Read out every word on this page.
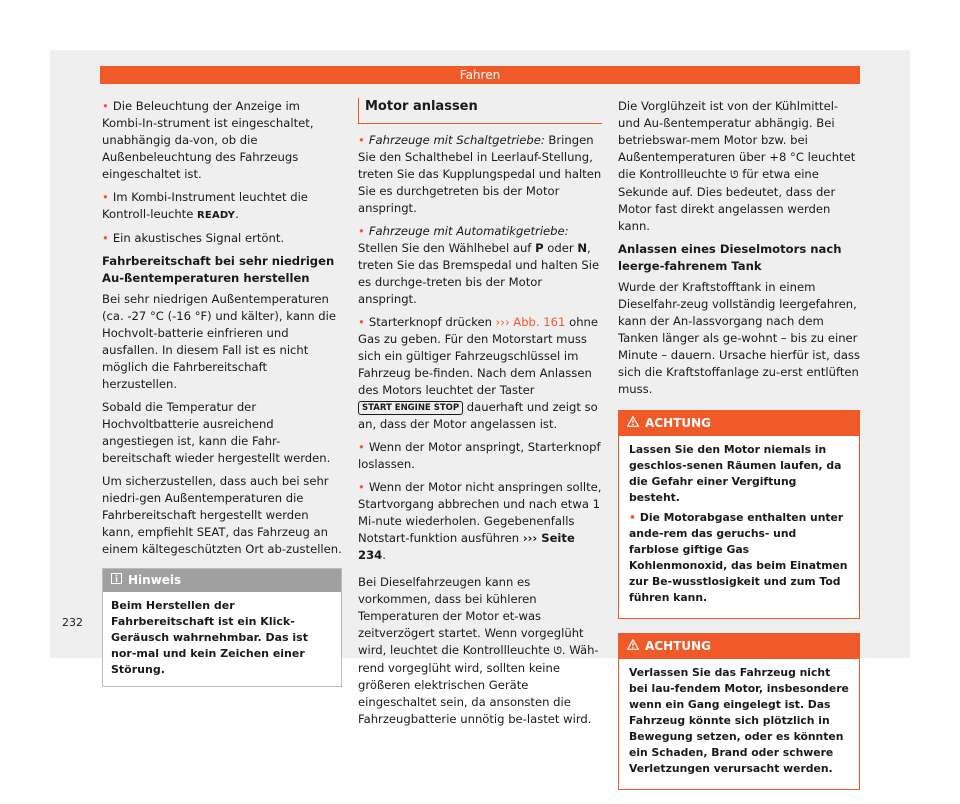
Fahren

• Die Beleuchtung der Anzeige im Kombi-In-strument ist eingeschaltet, unabhängig da-von, ob die Außenbeleuchtung des Fahrzeugs eingeschaltet ist.

• Im Kombi-Instrument leuchtet die Kontroll-leuchte READY.

• Ein akustisches Signal ertönt.

Fahrbereitschaft bei sehr niedrigen Au-ßentemperaturen herstellen

Bei sehr niedrigen Außentemperaturen (ca. -27 °C (-16 °F) und kälter), kann die Hochvolt-batterie einfrieren und ausfallen. In diesem Fall ist es nicht möglich die Fahrbereitschaft herzustellen.

Sobald die Temperatur der Hochvoltbatterie ausreichend angestiegen ist, kann die Fahr-bereitschaft wieder hergestellt werden.

Um sicherzustellen, dass auch bei sehr niedri-gen Außentemperaturen die Fahrbereitschaft hergestellt werden kann, empfiehlt SEAT, das Fahrzeug an einem kältegeschützten Ort ab-zustellen.

Hinweis
Beim Herstellen der Fahrbereitschaft ist ein Klick-Geräusch wahrnehmbar. Das ist nor-mal und kein Zeichen einer Störung.
Motor anlassen

• Fahrzeuge mit Schaltgetriebe: Bringen Sie den Schalthebel in Leerlauf-Stellung, treten Sie das Kupplungspedal und halten Sie es durchgetreten bis der Motor anspringt.

• Fahrzeuge mit Automatikgetriebe: Stellen Sie den Wählhebel auf P oder N, treten Sie das Bremspedal und halten Sie es durchge-treten bis der Motor anspringt.

• Starterknopf drücken ››› Abb. 161 ohne Gas zu geben. Für den Motorstart muss sich ein gültiger Fahrzeugschlüssel im Fahrzeug be-finden. Nach dem Anlassen des Motors leuchtet der Taster START ENGINE STOP dauerhaft und zeigt so an, dass der Motor angelassen ist.

• Wenn der Motor anspringt, Starterknopf loslassen.

• Wenn der Motor nicht anspringen sollte, Startvorgang abbrechen und nach etwa 1 Mi-nute wiederholen. Gegebenenfalls Notstart-funktion ausführen ››› Seite 234.

Bei Dieselfahrzeugen kann es vorkommen, dass bei kühleren Temperaturen der Motor et-was zeitverzögert startet. Wenn vorgeglüht wird, leuchtet die Kontrollleuchte ᘎ. Wäh-rend vorgeglüht wird, sollten keine größeren elektrischen Geräte eingeschaltet sein, da ansonsten die Fahrzeugbatterie unnötig be-lastet wird.

Die Vorglühzeit ist von der Kühlmittel- und Au-ßentemperatur abhängig. Bei betriebswar-mem Motor bzw. bei Außentemperaturen über +8 °C leuchtet die Kontrollleuchte ᘎ für etwa eine Sekunde auf. Dies bedeutet, dass der Motor fast direkt angelassen werden kann.

Anlassen eines Dieselmotors nach leerge-fahrenem Tank

Wurde der Kraftstofftank in einem Dieselfahr-zeug vollständig leergefahren, kann der An-lassvorgang nach dem Tanken länger als ge-wohnt – bis zu einer Minute – dauern. Ursache hierfür ist, dass sich die Kraftstoffanlage zu-erst entlüften muss.

ACHTUNG

Lassen Sie den Motor niemals in geschlos-senen Räumen laufen, da die Gefahr einer Vergiftung besteht.

• Die Motorabgase enthalten unter ande-rem das geruchs- und farblose giftige Gas Kohlenmonoxid, das beim Einatmen zur Be-wusstlosigkeit und zum Tod führen kann.

ACHTUNG

Verlassen Sie das Fahrzeug nicht bei lau-fendem Motor, insbesondere wenn ein Gang eingelegt ist. Das Fahrzeug könnte sich plötzlich in Bewegung setzen, oder es könnten ein Schaden, Brand oder schwere Verletzungen verursacht werden.

232
